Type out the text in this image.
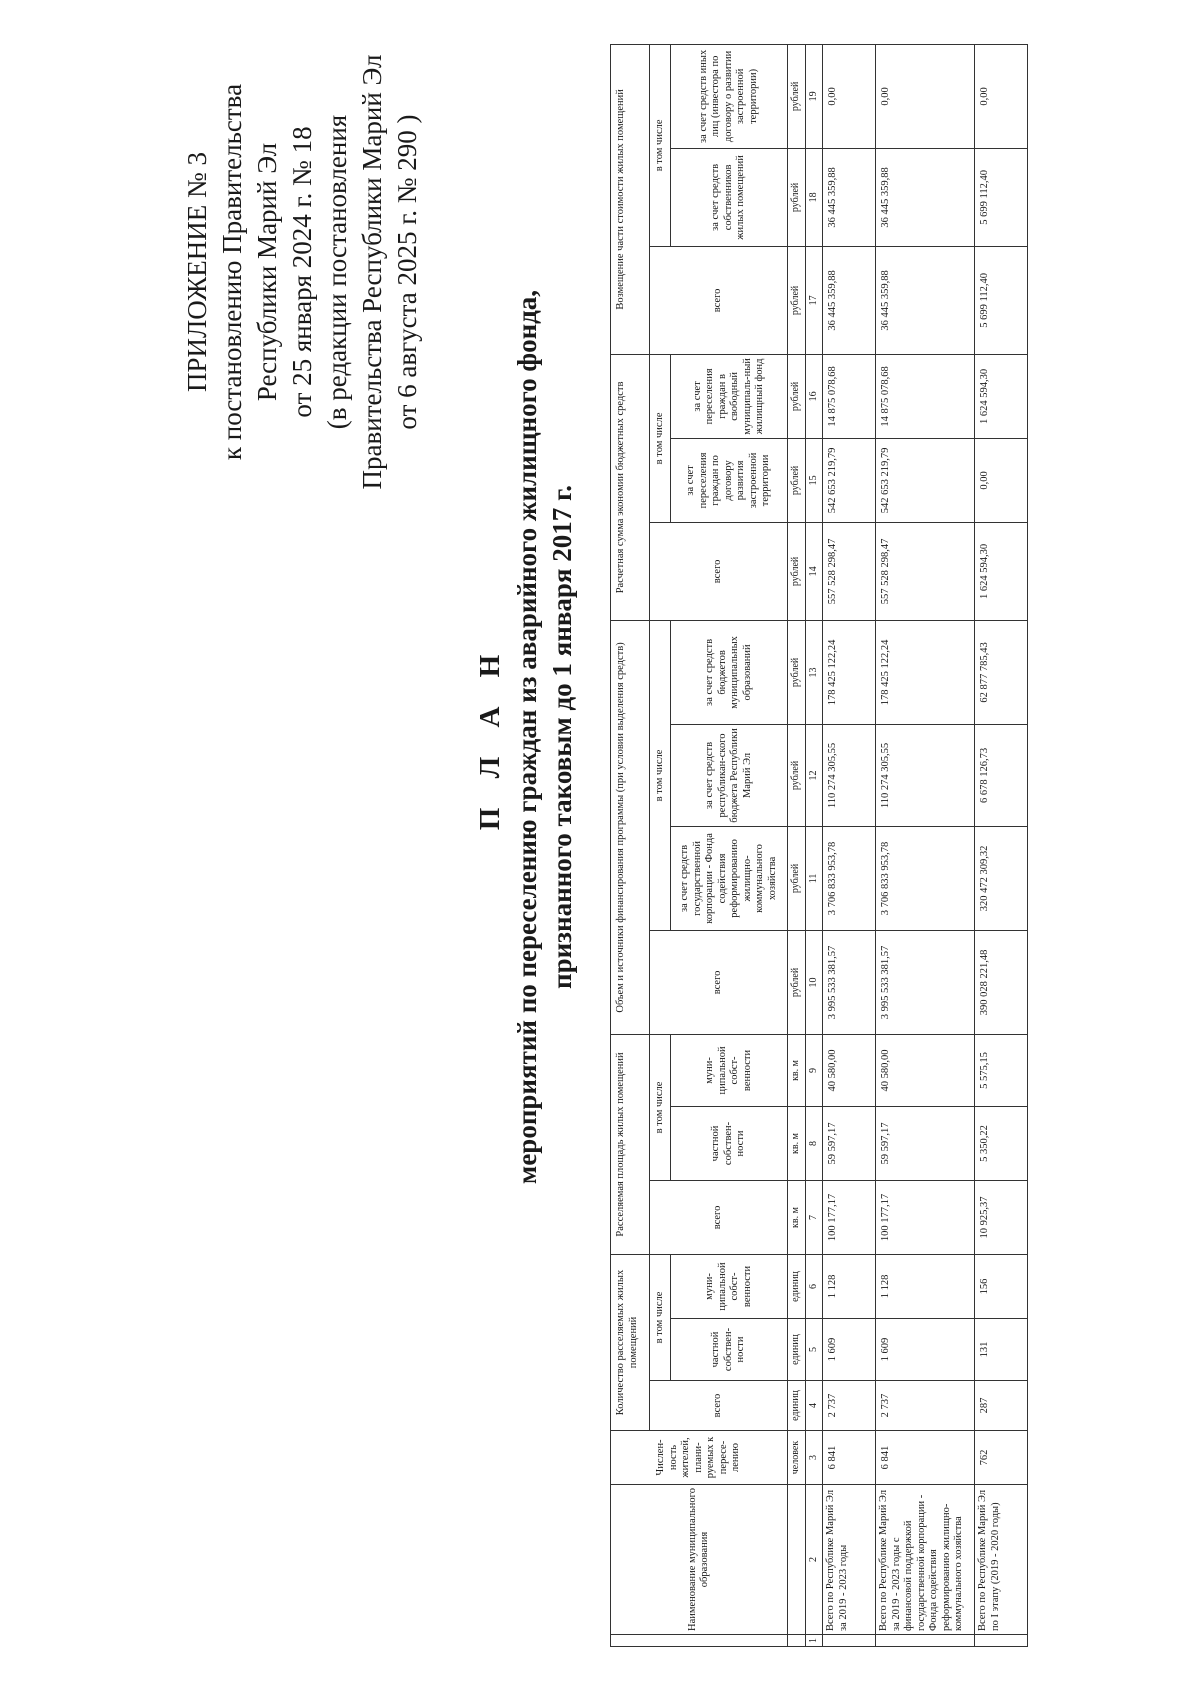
ПРИЛОЖЕНИЕ № 3 к постановлению Правительства Республики Марий Эл от 25 января 2024 г. № 18 (в редакции постановления Правительства Республики Марий Эл от 6 августа 2025 г. № 290 )
П Л А Н мероприятий по переселению граждан из аварийного жилищного фонда, признанного таковым до 1 января 2017 г.
	Наименование муниципального образования	Числен-ность жителей, плани-руемых к пересе-лению	Количество расселяемых жилых помещений			Расселяемая площадь жилых помещений			Объем и источники финансирования программы (при условии выделения средств)				Расчетная сумма экономии бюджетных средств			Возмещение части стоимости жилых помещений		
			всего	в том числе		всего	в том числе		всего	в том числе			всего	в том числе		всего	в том числе	
				частной собствен-ности	муни-ципальной собст-венности		частной собствен-ности	муни-ципальной собст-венности		за счет средств государственной корпорации - Фонда содействия реформированию жилищно-коммунального хозяйства	за счет средств республикан-ского бюджета Республики Марий Эл	за счет средств бюджетов муниципальных образований		за счет переселения граждан по договору развития застроенной территории	за счет переселения граждан в свободный муниципаль-ный жилищный фонд		за счет средств собственников жилых помещений	за счет средств иных лиц (инвестора по договору о развитии застроенной территории)
		человек	единиц	единиц	единиц	кв. м	кв. м	кв. м	рублей	рублей	рублей	рублей	рублей	рублей	рублей	рублей	рублей	рублей
1	2	3	4	5	6	7	8	9	10	11	12	13	14	15	16	17	18	19
	Всего по Республике Марий Эл за 2019 - 2023 годы	6 841	2 737	1 609	1 128	100 177,17	59 597,17	40 580,00	3 995 533 381,57	3 706 833 953,78	110 274 305,55	178 425 122,24	557 528 298,47	542 653 219,79	14 875 078,68	36 445 359,88	36 445 359,88	0,00
	Всего по Республике Марий Эл за 2019 - 2023 годы с финансовой поддержкой государственной корпорации - Фонда содействия реформированию жилищно-коммунального хозяйства	6 841	2 737	1 609	1 128	100 177,17	59 597,17	40 580,00	3 995 533 381,57	3 706 833 953,78	110 274 305,55	178 425 122,24	557 528 298,47	542 653 219,79	14 875 078,68	36 445 359,88	36 445 359,88	0,00
	Всего по Республике Марий Эл по I этапу (2019 - 2020 годы)	762	287	131	156	10 925,37	5 350,22	5 575,15	390 028 221,48	320 472 309,32	6 678 126,73	62 877 785,43	1 624 594,30	0,00	1 624 594,30	5 699 112,40	5 699 112,40	0,00
